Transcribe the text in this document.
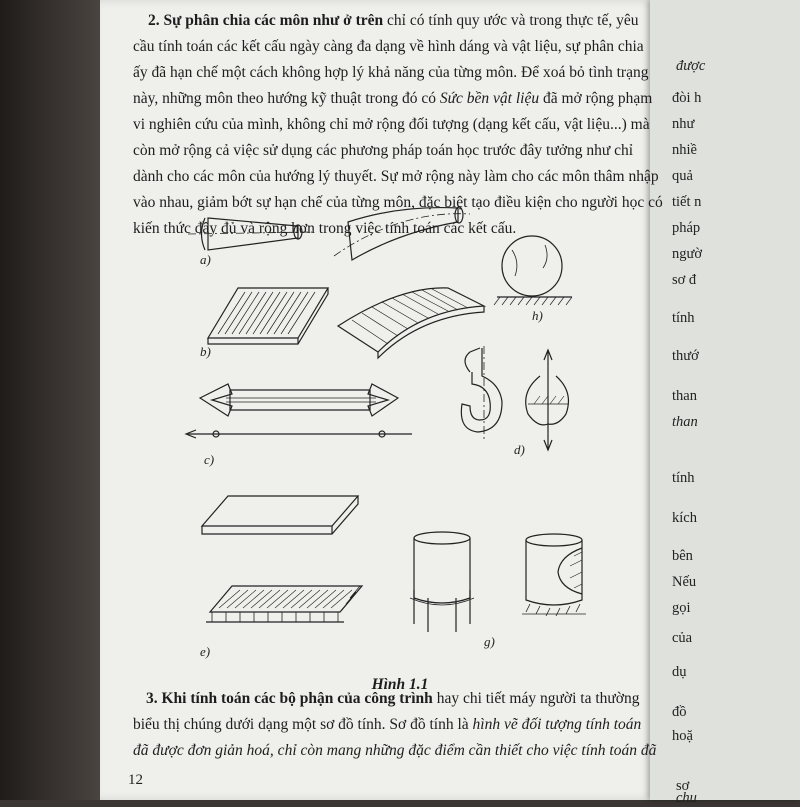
được
đòi h
như
nhiề
quả
tiết n
pháp
ngườ
sơ đ
tính
thướ
than
than
tính
kích
bên
Nếu
gọi
của
dụ
đồ
hoặ
sơ
chu

2. Sự phân chia các môn như ở trên chỉ có tính quy ước và trong thực tế, yêu

cầu tính toán các kết cấu ngày càng đa dạng về hình dáng và vật liệu, sự phân chia

ấy đã hạn chế một cách không hợp lý khả năng của từng môn. Để xoá bỏ tình trạng

này, những môn theo hướng kỹ thuật trong đó có Sức bền vật liệu đã mở rộng phạm

vi nghiên cứu của mình, không chỉ mở rộng đối tượng (dạng kết cấu, vật liệu...) mà

còn mở rộng cả việc sử dụng các phương pháp toán học trước đây tưởng như chỉ

dành cho các môn của hướng lý thuyết. Sự mở rộng này làm cho các môn thâm nhập

vào nhau, giảm bớt sự hạn chế của từng môn, đặc biệt tạo điều kiện cho người học có

kiến thức đầy đủ và rộng hơn trong việc tính toán các kết cấu.

a)
b)
c)
d)
e)
g)
h)
Hình 1.1

3. Khi tính toán các bộ phận của công trình hay chi tiết máy người ta thường

biểu thị chúng dưới dạng một sơ đồ tính. Sơ đồ tính là hình vẽ đối tượng tính toán

đã được đơn giản hoá, chỉ còn mang những đặc điểm cần thiết cho việc tính toán đã

12
